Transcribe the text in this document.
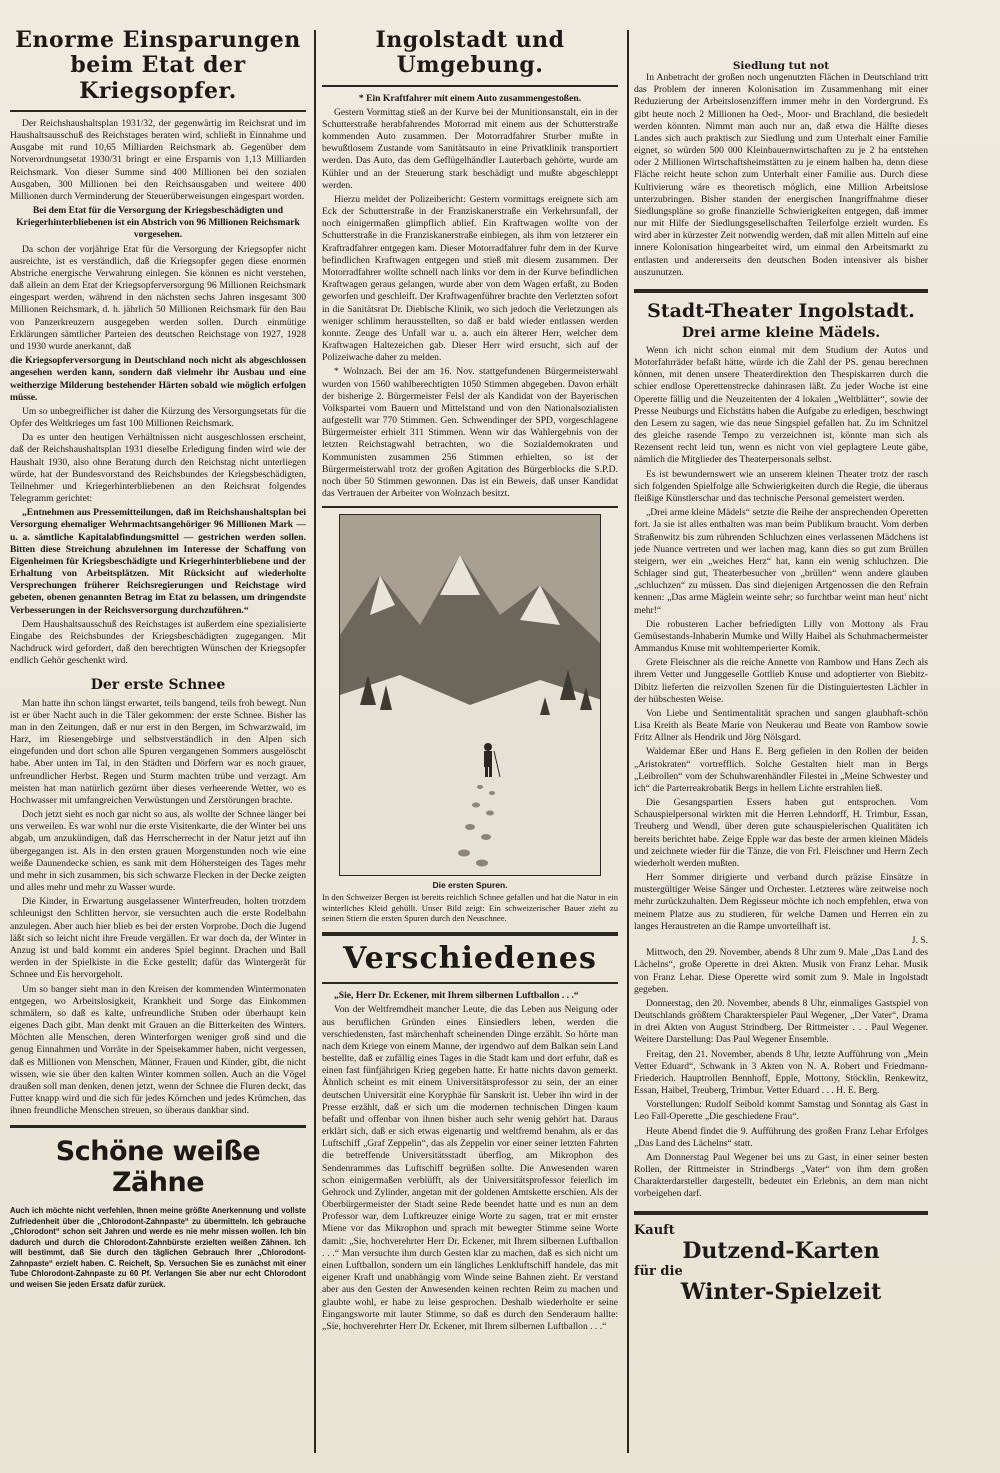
Enorme Einsparungen beim Etat der Kriegsopfer.

Der Reichshaushaltsplan 1931/32, der gegenwärtig im Reichsrat und im Haushaltsausschuß des Reichstages beraten wird, schließt in Einnahme und Ausgabe mit rund 10,65 Milliarden Reichsmark ab. Gegenüber dem Notverordnungsetat 1930/31 bringt er eine Ersparnis von 1,13 Milliarden Reichsmark. Von dieser Summe sind 400 Millionen bei den sozialen Ausgaben, 300 Millionen bei den Reichsausgaben und weitere 400 Millionen durch Verminderung der Steuerüberweisungen eingespart worden.

Bei dem Etat für die Versorgung der Kriegsbeschädigten und Kriegerhinterbliebenen ist ein Abstrich von 96 Millionen Reichsmark vorgesehen.

Da schon der vorjährige Etat für die Versorgung der Kriegsopfer nicht ausreichte, ist es verständlich, daß die Kriegsopfer gegen diese enormen Abstriche energische Verwahrung einlegen. Sie können es nicht verstehen, daß allein an dem Etat der Kriegsopferversorgung 96 Millionen Reichsmark eingespart werden, während in den nächsten sechs Jahren insgesamt 300 Millionen Reichsmark, d. h. jährlich 50 Millionen Reichsmark für den Bau von Panzerkreuzern ausgegeben werden sollen. Durch einmütige Erklärungen sämtlicher Parteien des deutschen Reichstage von 1927, 1928 und 1930 wurde anerkannt, daß

die Kriegsopferversorgung in Deutschland noch nicht als abgeschlossen angesehen werden kann, sondern daß vielmehr ihr Ausbau und eine weitherzige Milderung bestehender Härten sobald wie möglich erfolgen müsse.

Um so unbegreiflicher ist daher die Kürzung des Versorgungsetats für die Opfer des Weltkrieges um fast 100 Millionen Reichsmark.

Da es unter den heutigen Verhältnissen nicht ausgeschlossen erscheint, daß der Reichshaushaltsplan 1931 dieselbe Erledigung finden wird wie der Haushalt 1930, also ohne Beratung durch den Reichstag nicht unterliegen würde, hat der Bundesvorstand des Reichsbundes der Kriegsbeschädigten, Teilnehmer und Kriegerhinterbliebenen an den Reichsrat folgendes Telegramm gerichtet:

„Entnehmen aus Pressemitteilungen, daß im Reichshaushaltsplan bei Versorgung ehemaliger Wehrmachtsangehöriger 96 Millionen Mark — u. a. sämtliche Kapitalabfindungsmittel — gestrichen werden sollen. Bitten diese Streichung abzulehnen im Interesse der Schaffung von Eigenheimen für Kriegsbeschädigte und Kriegerhinterbliebene und der Erhaltung von Arbeitsplätzen. Mit Rücksicht auf wiederholte Versprechungen früherer Reichsregierungen und Reichstage wird gebeten, obenen genannten Betrag im Etat zu belassen, um dringendste Verbesserungen in der Reichsversorgung durchzuführen.“

Dem Haushaltsausschuß des Reichstages ist außerdem eine spezialisierte Eingabe des Reichsbundes der Kriegsbeschädigten zugegangen. Mit Nachdruck wird gefordert, daß den berechtigten Wünschen der Kriegsopfer endlich Gehör geschenkt wird.

Der erste Schnee

Man hatte ihn schon längst erwartet, teils bangend, teils froh bewegt. Nun ist er über Nacht auch in die Täler gekommen: der erste Schnee. Bisher las man in den Zeitungen, daß er nur erst in den Bergen, im Schwarzwald, im Harz, im Riesengebirge und selbstverständlich in den Alpen sich eingefunden und dort schon alle Spuren vergangenen Sommers ausgelöscht habe. Aber unten im Tal, in den Städten und Dörfern war es noch grauer, unfreundlicher Herbst. Regen und Sturm machten trübe und verzagt. Am meisten hat man natürlich gezürnt über dieses verheerende Wetter, wo es Hochwasser mit umfangreichen Verwüstungen und Zerstörungen brachte.

Doch jetzt sieht es noch gar nicht so aus, als wollte der Schnee länger bei uns verweilen. Es war wohl nur die erste Visitenkarte, die der Winter bei uns abgab, um anzukündigen, daß das Herrscherrecht in der Natur jetzt auf ihn übergegangen ist. Als in den ersten grauen Morgenstunden noch wie eine weiße Daunendecke schien, es sank mit dem Höhersteigen des Tages mehr und mehr in sich zusammen, bis sich schwarze Flecken in der Decke zeigten und alles mehr und mehr zu Wasser wurde.

Die Kinder, in Erwartung ausgelassener Winterfreuden, holten trotzdem schleunigst den Schlitten hervor, sie versuchten auch die erste Rodelbahn anzulegen. Aber auch hier blieb es bei der ersten Vorprobe. Doch die Jugend läßt sich so leicht nicht ihre Freude vergällen. Er war doch da, der Winter in Anzug ist und bald kommt ein anderes Spiel beginnt. Drachen und Ball werden in der Spielkiste in die Ecke gestellt; dafür das Wintergerät für Schnee und Eis hervorgeholt.

Um so banger sieht man in den Kreisen der kommenden Wintermonaten entgegen, wo Arbeitslosigkeit, Krankheit und Sorge das Einkommen schmälern, so daß es kalte, unfreundliche Stuben oder überhaupt kein eigenes Dach gibt. Man denkt mit Grauen an die Bitterkeiten des Winters. Möchten alle Menschen, deren Winterforgen weniger groß sind und die genug Einnahmen und Vorräte in der Speisekammer haben, nicht vergessen, daß es Millionen von Menschen, Männer, Frauen und Kinder, gibt, die nicht wissen, wie sie über den kalten Winter kommen sollen. Auch an die Vögel draußen soll man denken, denen jetzt, wenn der Schnee die Fluren deckt, das Futter knapp wird und die sich für jedes Körnchen und jedes Krümchen, das ihnen freundliche Menschen streuen, so überaus dankbar sind.

Schöne weiße Zähne
Auch ich möchte nicht verfehlen, Ihnen meine größte Anerkennung und vollste Zufriedenheit über die „Chlorodont-Zahnpaste“ zu übermitteln. Ich gebrauche „Chlorodont“ schon seit Jahren und werde es nie mehr missen wollen. Ich bin dadurch und durch die Chlorodont-Zahnbürste erzielten weißen Zähnen. Ich will bestimmt, daß Sie durch den täglichen Gebrauch Ihrer „Chlorodont-Zahnpaste“ erzielt haben. C. Reichelt, Sp. Versuchen Sie es zunächst mit einer Tube Chlorodont-Zahnpaste zu 60 Pf. Verlangen Sie aber nur echt Chlorodont und weisen Sie jeden Ersatz dafür zurück.
Ingolstadt und Umgebung.

* Ein Kraftfahrer mit einem Auto zusammengestoßen.

Gestern Vormittag stieß an der Kurve bei der Munitionsanstalt, ein in der Schutterstraße herabfahrendes Motorrad mit einem aus der Schutterstraße kommenden Auto zusammen. Der Motorradfahrer Sturber mußte in bewußtlosem Zustande vom Sanitätsauto in eine Privatklinik transportiert werden. Das Auto, das dem Geflügelhändler Lauterbach gehörte, wurde am Kühler und an der Steuerung stark beschädigt und mußte abgeschleppt werden.

Hierzu meldet der Polizeibericht: Gestern vormittags ereignete sich am Eck der Schutterstraße in der Franziskanerstraße ein Verkehrsunfall, der noch einigermaßen glimpflich ablief. Ein Kraftwagen wollte von der Schutterstraße in die Franziskanerstraße einbiegen, als ihm von letzterer ein Kraftradfahrer entgegen kam. Dieser Motorradfahrer fuhr dem in der Kurve befindlichen Kraftwagen entgegen und stieß mit diesem zusammen. Der Motorradfahrer wollte schnell nach links vor dem in der Kurve befindlichen Kraftwagen geraus gelangen, wurde aber von dem Wagen erfaßt, zu Boden geworfen und geschleift. Der Kraftwagenführer brachte den Verletzten sofort in die Sanitätsrat Dr. Dieblsche Klinik, wo sich jedoch die Verletzungen als weniger schlimm herausstellten, so daß er bald wieder entlassen werden konnte. Zeuge des Unfall war u. a. auch ein älterer Herr, welcher dem Kraftwagen Haltezeichen gab. Dieser Herr wird ersucht, sich auf der Polizeiwache daher zu melden.

* Wolnzach. Bei der am 16. Nov. stattgefundenen Bürgermeisterwahl wurden von 1560 wahlberechtigten 1050 Stimmen abgegeben. Davon erhält der bisherige 2. Bürgermeister Felsl der als Kandidat von der Bayerischen Volkspartei vom Bauern und Mittelstand und von den Nationalsozialisten aufgestellt war 770 Stimmen. Gen. Schwendinger der SPD, vorgeschlagene Bürgermeister erhielt 311 Stimmen. Wenn wir das Wahlergebnis von der letzten Reichstagwahl betrachten, wo die Sozialdemokraten und Kommunisten zusammen 256 Stimmen erhielten, so ist der Bürgermeisterwahl trotz der großen Agitation des Bürgerblocks die S.P.D. noch über 50 Stimmen gewonnen. Das ist ein Beweis, daß unser Kandidat das Vertrauen der Arbeiter von Wolnzach besitzt.

Die ersten Spuren.
In den Schweizer Bergen ist bereits reichlich Schnee gefallen und hat die Natur in ein winterliches Kleid gehüllt. Unser Bild zeigt: Ein schweizerischer Bauer zieht zu seinen Stiern die ersten Spuren durch den Neuschnee.
Verschiedenes

„Sie, Herr Dr. Eckener, mit Ihrem silbernen Luftballon . . .“

Von der Weltfremdheit mancher Leute, die das Leben aus Neigung oder aus beruflichen Gründen eines Einsiedlers leben, werden die verschiedensten, fast märchenhaft scheinenden Dinge erzählt. So hörte man nach dem Kriege von einem Manne, der irgendwo auf dem Balkan sein Land bestellte, daß er zufällig eines Tages in die Stadt kam und dort erfuhr, daß es einen fast fünfjährigen Krieg gegeben hatte. Er hatte nichts davon gemerkt. Ähnlich scheint es mit einem Universitätsprofessor zu sein, der an einer deutschen Universität eine Koryphäe für Sanskrit ist. Ueber ihn wird in der Presse erzählt, daß er sich um die modernen technischen Dingen kaum befaßt und offenbar von ihnen bisher auch sehr wenig gehört hat. Daraus erklärt sich, daß er sich etwas eigenartig und weltfremd benahm, als er das Luftschiff „Graf Zeppelin“, das als Zeppelin vor einer seiner letzten Fahrten die betreffende Universitätsstadt überflog, am Mikrophon des Sendenrammes das Luftschiff begrüßen sollte. Die Anwesenden waren schon einigermaßen verblüfft, als der Universitätsprofessor feierlich im Gehrock und Zylinder, angetan mit der goldenen Amtskette erschien. Als der Oberbürgermeister der Stadt seine Rede beendet hatte und es nun an dem Professor war, dem Luftkreuzer einige Worte zu sagen, trat er mit ernster Miene vor das Mikrophon und sprach mit bewegter Stimme seine Worte damit: „Sie, hochverehrter Herr Dr. Eckener, mit Ihrem silbernen Luftballon . . .“ Man versuchte ihm durch Gesten klar zu machen, daß es sich nicht um einen Luftballon, sondern um ein längliches Lenkluftschiff handele, das mit eigener Kraft und unabhängig vom Winde seine Bahnen zieht. Er verstand aber aus den Gesten der Anwesenden keinen rechten Reim zu machen und glaubte wohl, er habe zu leise gesprochen. Deshalb wiederholte er seine Eingangsworte mit lauter Stimme, so daß es durch den Senderaum hallte: „Sie, hochverehrter Herr Dr. Eckener, mit Ihrem silbernen Luftballon . . .“

Siedlung tut not

In Anbetracht der großen noch ungenutzten Flächen in Deutschland tritt das Problem der inneren Kolonisation im Zusammenhang mit einer Reduzierung der Arbeitslosenziffern immer mehr in den Vordergrund. Es gibt heute noch 2 Millionen ha Oed-, Moor- und Brachland, die besiedelt werden könnten. Nimmt man auch nur an, daß etwa die Hälfte dieses Landes sich auch praktisch zur Siedlung und zum Unterhalt einer Familie eignet, so würden 500 000 Kleinbauernwirtschaften zu je 2 ha entstehen oder 2 Millionen Wirtschaftsheimstätten zu je einem halben ha, denn diese Fläche reicht heute schon zum Unterhalt einer Familie aus. Durch diese Kultivierung wäre es theoretisch möglich, eine Million Arbeitslose unterzubringen. Bisher standen der energischen Inangriffnahme dieser Siedlungspläne so große finanzielle Schwierigkeiten entgegen, daß immer nur mit Hilfe der Siedlungsgesellschaften Teilerfolge erzielt wurden. Es wird aber in kürzester Zeit notwendig werden, daß mit allen Mitteln auf eine innere Kolonisation hingearbeitet wird, um einmal den Arbeitsmarkt zu entlasten und andererseits den deutschen Boden intensiver als bisher auszunutzen.

Stadt-Theater Ingolstadt.
Drei arme kleine Mädels.

Wenn ich nicht schon einmal mit dem Studium der Autos und Motorfahrräder befaßt hätte, würde ich die Zahl der PS. genau berechnen können, mit denen unsere Theaterdirektion den Thespiskarren durch die schier endlose Operettenstrecke dahinrasen läßt. Zu jeder Woche ist eine Operette fällig und die Neuzeitenten der 4 lokalen „Weltblätter“, sowie der Presse Neuburgs und Eichstätts haben die Aufgabe zu erledigen, beschwingt den Lesern zu sagen, wie das neue Singspiel gefallen hat. Zu im Schnitzel des gleiche rasende Tempo zu verzeichnen ist, könnte man sich als Rezensent recht leid tun, wenn es nicht von viel geplagtere Leute gäbe, nämlich die Mitglieder des Theaterpersonals selbst.

Es ist bewundernswert wie an unserem kleinen Theater trotz der rasch sich folgenden Spielfolge alle Schwierigkeiten durch die Regie, die überaus fleißige Künstlerschar und das technische Personal gemeistert werden.

„Drei arme kleine Mädels“ setzte die Reihe der ansprechenden Operetten fort. Ja sie ist alles enthalten was man beim Publikum braucht. Vom derben Straßenwitz bis zum rührenden Schluchzen eines verlassenen Mädchens ist jede Nuance vertreten und wer lachen mag, kann dies so gut zum Brüllen steigern, wer ein „weiches Herz“ hat, kann ein wenig schluchzen. Die Schlager sind gut, Theaterbesucher von „brüllen“ wenn andere glauben „schluchzen“ zu müssen. Das sind diejenigen Artgenossen die den Refrain kennen: „Das arme Mäglein weinte sehr; so furchtbar weint man heut' nicht mehr!“

Die robusteren Lacher befriedigten Lilly von Mottony als Frau Gemüsestands-Inhaberin Mumke und Willy Haibel als Schuhmachermeister Ammandus Knuse mit wohltemperierter Komik.

Grete Fleischner als die reiche Annette von Rambow und Hans Zech als ihrem Vetter und Junggeselle Gottlieb Knuse und adoptierter von Biebitz-Dibitz lieferten die reizvollen Szenen für die Distinguiertesten Lächler in der hübschesten Weise.

Von Liebe und Sentimentalität sprachen und sangen glaubhaft-schön Lisa Kreith als Beate Marie von Neukerau und Beate von Rambow sowie Fritz Allner als Hendrik und Jörg Nölsgard.

Waldemar Eßer und Hans E. Berg gefielen in den Rollen der beiden „Aristokraten“ vortrefflich. Solche Gestalten hielt man in Bergs „Leibrollen“ vom der Schuhwarenhändler Filestei in „Meine Schwester und ich“ die Parterreakrobatik Bergs in hellem Lichte erstrahlen ließ.

Die Gesangspartien Essers haben gut entsprochen. Vom Schauspielpersonal wirkten mit die Herren Lehndorff, H. Trimbur, Essan, Treuberg und Wendl, über deren gute schauspielerischen Qualitäten ich bereits berichtet habe. Zeige Epple war das beste der armen kleinen Mädels und zeichnete wieder für die Tänze, die von Frl. Fleischner und Herrn Zech wiederholt werden mußten.

Herr Sommer dirigierte und verband durch präzise Einsätze in mustergültiger Weise Sänger und Orchester. Letzteres wäre zeitweise noch mehr zurückzuhalten. Dem Regisseur möchte ich noch empfehlen, etwa von meinem Platze aus zu studieren, für welche Damen und Herren ein zu langes Heraustreten an die Rampe unvorteilhaft ist.

J. S.

Mittwoch, den 29. November, abends 8 Uhr zum 9. Male „Das Land des Lächelns“, große Operette in drei Akten. Musik von Franz Lehar. Musik von Franz Lehar. Diese Operette wird somit zum 9. Male in Ingolstadt gegeben.

Donnerstag, den 20. November, abends 8 Uhr, einmaliges Gastspiel von Deutschlands größtem Charakterspieler Paul Wegener, „Der Vater“, Drama in drei Akten von August Strindberg. Der Rittmeister . . . Paul Wegener. Weitere Darstellung: Das Paul Wegener Ensemble.

Freitag, den 21. November, abends 8 Uhr, letzte Aufführung von „Mein Vetter Eduard“, Schwank in 3 Akten von N. A. Robert und Friedmann-Friederich. Hauptrollen Bennhoff, Epple, Mottony, Stöcklin, Renkewitz, Essan, Haibel, Treuberg, Trimbur. Vetter Eduard . . . H. E. Berg.

Vorstellungen: Rudolf Seibold kommt Samstag und Sonntag als Gast in Leo Fall-Operette „Die geschiedene Frau“.

Heute Abend findet die 9. Aufführung des großen Franz Lehar Erfolges „Das Land des Lächelns“ statt.

Am Donnerstag Paul Wegener bei uns zu Gast, in einer seiner besten Rollen, der Rittmeister in Strindbergs „Vater“ von ihm dem großen Charakterdarsteller dargestellt, bedeutet ein Erlebnis, an dem man nicht vorbeigehen darf.

Kauft
Dutzend-Karten
für die
Winter-Spielzeit
